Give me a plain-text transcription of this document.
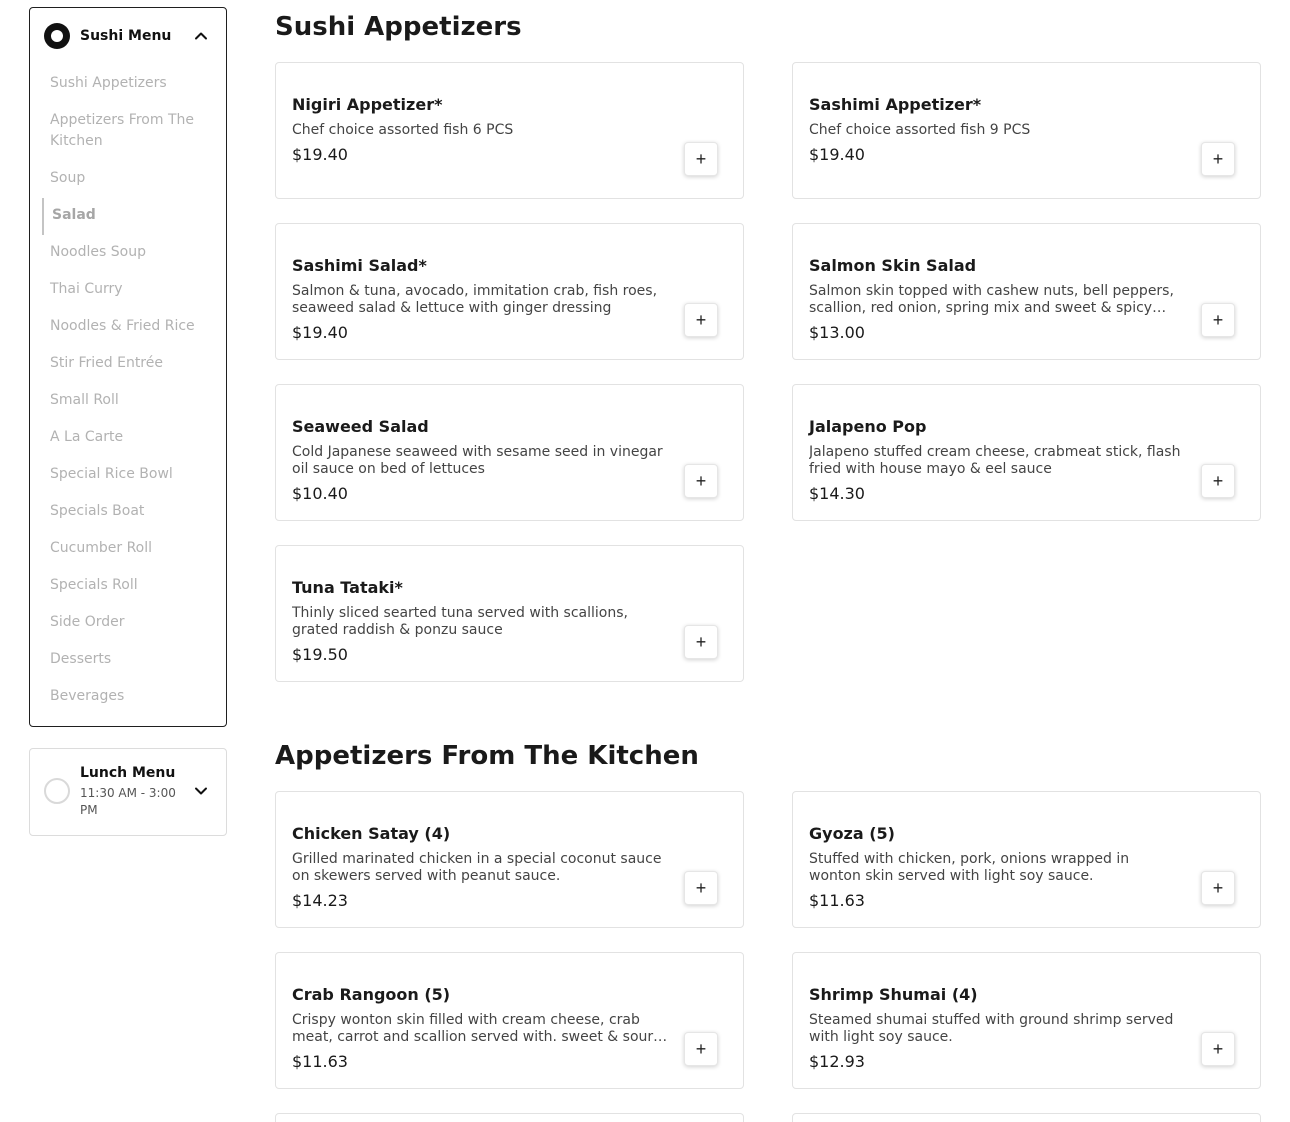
Sushi Menu
Sushi Appetizers
Appetizers From The Kitchen
Soup
Salad
Noodles Soup
Thai Curry
Noodles & Fried Rice
Stir Fried Entrée
Small Roll
A La Carte
Special Rice Bowl
Specials Boat
Cucumber Roll
Specials Roll
Side Order
Desserts
Beverages
Lunch Menu
11:30 AM - 3:00 PM
Sushi Appetizers
Nigiri Appetizer*
Chef choice assorted fish 6 PCS
$19.40	+
Sashimi Appetizer*
Chef choice assorted fish 9 PCS
$19.40	+
Sashimi Salad*
Salmon & tuna, avocado, immitation crab, fish roes, seaweed salad & lettuce with ginger dressing
$19.40
+
Salmon Skin Salad
Salmon skin topped with cashew nuts, bell peppers, scallion, red onion, spring mix and sweet & spicy
$13.00
+
Seaweed Salad
Cold Japanese seaweed with sesame seed in vinegar oil sauce on bed of lettuces
$10.40
+
Jalapeno Pop
Jalapeno stuffed cream cheese, crabmeat stick, flash fried with house mayo & eel sauce
$14.30
+
Tuna Tataki*
Thinly sliced searted tuna served with scallions, grated raddish & ponzu sauce
$19.50
+
Appetizers From The Kitchen
Chicken Satay (4)
Grilled marinated chicken in a special coconut sauce on skewers served with peanut sauce.
$14.23
+
Gyoza (5)
Stuffed with chicken, pork, onions wrapped in wonton skin served with light soy sauce.
$11.63
+
Crab Rangoon (5)
Crispy wonton skin filled with cream cheese, crab meat, carrot and scallion served with. sweet & sour
$11.63
+
Shrimp Shumai (4)
Steamed shumai stuffed with ground shrimp served with light soy sauce.
$12.93
+
